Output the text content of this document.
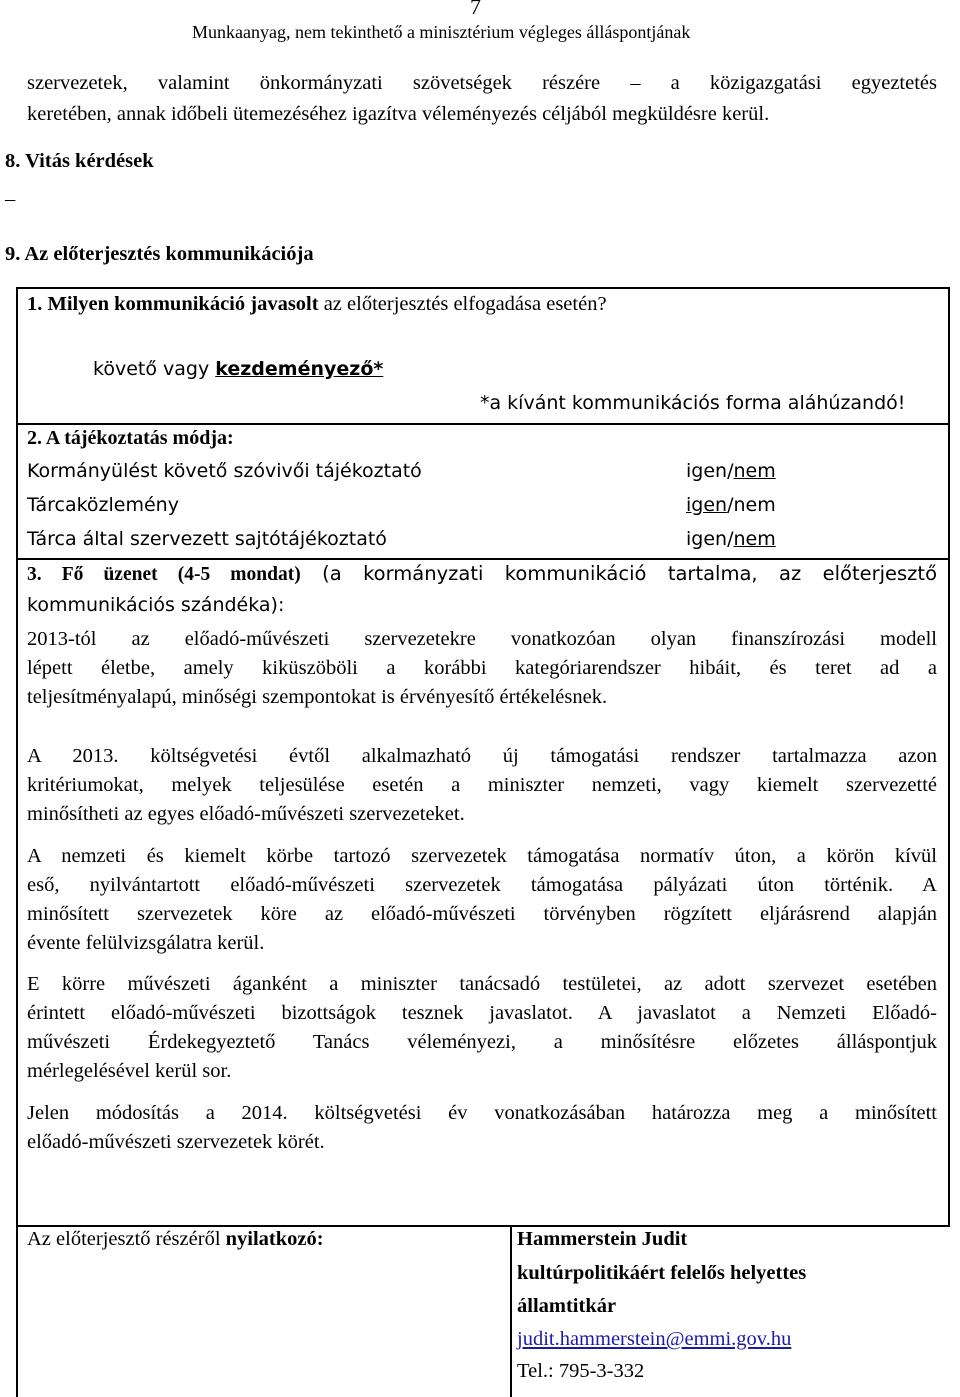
7
Munkaanyag, nem tekinthető a minisztérium végleges álláspontjának
szervezetek, valamint önkormányzati szövetségek részére – a közigazgatási egyeztetés
keretében, annak időbeli ütemezéséhez igazítva véleményezés céljából megküldésre kerül.
8. Vitás kérdések
–
9. Az előterjesztés kommunikációja
1. Milyen kommunikáció javasolt az előterjesztés elfogadása esetén?
követő vagy kezdeményező*
*a kívánt kommunikációs forma aláhúzandó!
2. A tájékoztatás módja:
Kormányülést követő szóvivői tájékoztató	igen/nem
Tárcaközlemény	igen/nem
Tárca által szervezett sajtótájékoztató	igen/nem
3. Fő üzenet (4-5 mondat) (a kormányzati kommunikáció tartalma, az előterjesztő
kommunikációs szándéka):
2013-tól az előadó-művészeti szervezetekre vonatkozóan olyan finanszírozási modell
lépett életbe, amely kiküszöböli a korábbi kategóriarendszer hibáit, és teret ad a
teljesítményalapú, minőségi szempontokat is érvényesítő értékelésnek.
A 2013. költségvetési évtől alkalmazható új támogatási rendszer tartalmazza azon
kritériumokat, melyek teljesülése esetén a miniszter nemzeti, vagy kiemelt szervezetté
minősítheti az egyes előadó-művészeti szervezeteket.
A nemzeti és kiemelt körbe tartozó szervezetek támogatása normatív úton, a körön kívül
eső, nyilvántartott előadó-művészeti szervezetek támogatása pályázati úton történik. A
minősített szervezetek köre az előadó-művészeti törvényben rögzített eljárásrend alapján
évente felülvizsgálatra kerül.
E körre művészeti áganként a miniszter tanácsadó testületei, az adott szervezet esetében
érintett előadó-művészeti bizottságok tesznek javaslatot. A javaslatot a Nemzeti Előadó-
művészeti Érdekegyeztető Tanács véleményezi, a minősítésre előzetes álláspontjuk
mérlegelésével kerül sor.
Jelen módosítás a 2014. költségvetési év vonatkozásában határozza meg a minősített
előadó-művészeti szervezetek körét.
Az előterjesztő részéről nyilatkozó:	Hammerstein Judit
kultúrpolitikáért felelős helyettes
államtitkár
judit.hammerstein@emmi.gov.hu
Tel.: 795-3-332
